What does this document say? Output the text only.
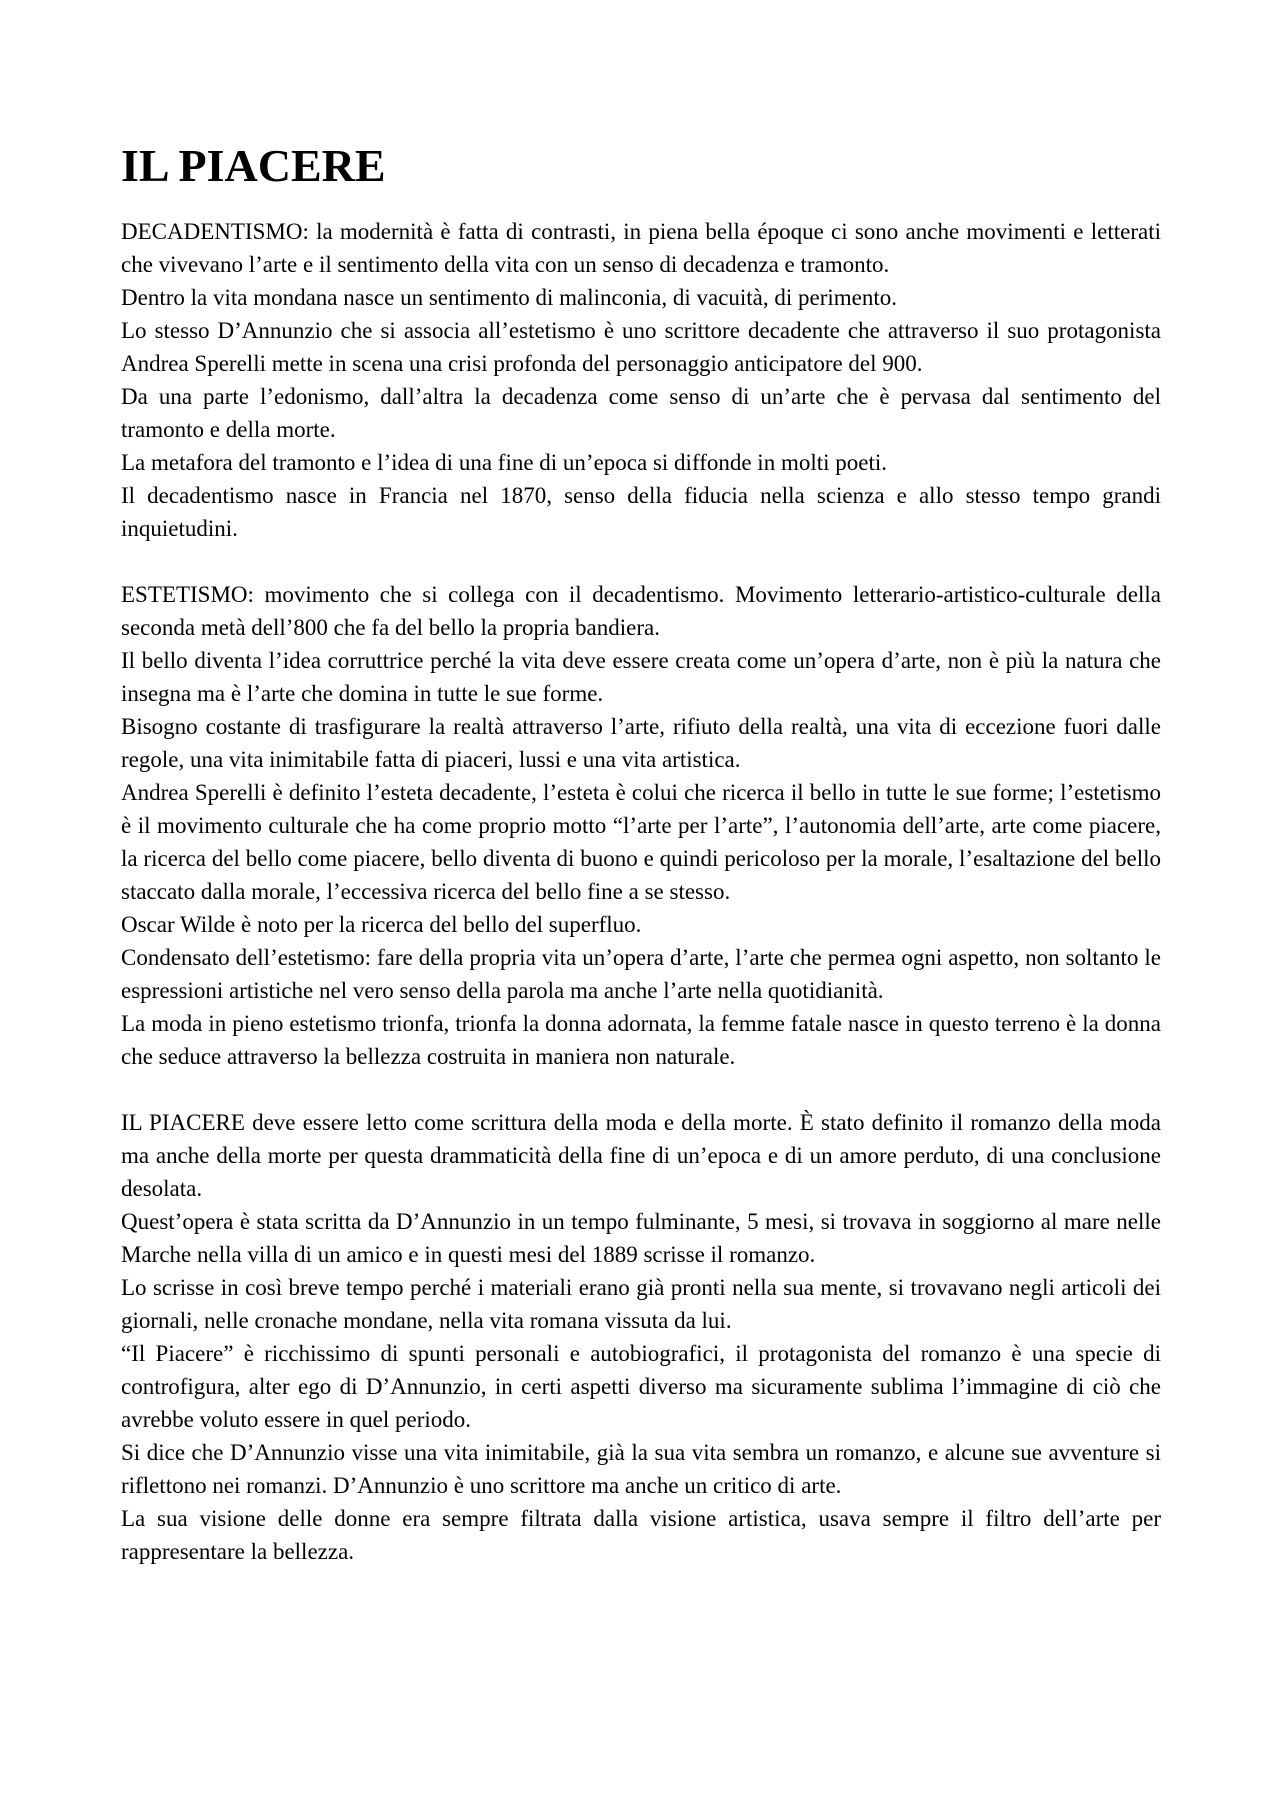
IL PIACERE

DECADENTISMO: la modernità è fatta di contrasti, in piena bella époque ci sono anche movimenti e letterati che vivevano l’arte e il sentimento della vita con un senso di decadenza e tramonto.

Dentro la vita mondana nasce un sentimento di malinconia, di vacuità, di perimento.

Lo stesso D’Annunzio che si associa all’estetismo è uno scrittore decadente che attraverso il suo protagonista Andrea Sperelli mette in scena una crisi profonda del personaggio anticipatore del 900.

Da una parte l’edonismo, dall’altra la decadenza come senso di un’arte che è pervasa dal sentimento del tramonto e della morte.

La metafora del tramonto e l’idea di una fine di un’epoca si diffonde in molti poeti.

Il decadentismo nasce in Francia nel 1870, senso della fiducia nella scienza e allo stesso tempo grandi inquietudini.

ESTETISMO: movimento che si collega con il decadentismo. Movimento letterario-artistico-culturale della seconda metà dell’800 che fa del bello la propria bandiera.

Il bello diventa l’idea corruttrice perché la vita deve essere creata come un’opera d’arte, non è più la natura che insegna ma è l’arte che domina in tutte le sue forme.

Bisogno costante di trasfigurare la realtà attraverso l’arte, rifiuto della realtà, una vita di eccezione fuori dalle regole, una vita inimitabile fatta di piaceri, lussi e una vita artistica.

Andrea Sperelli è definito l’esteta decadente, l’esteta è colui che ricerca il bello in tutte le sue forme; l’estetismo è il movimento culturale che ha come proprio motto “l’arte per l’arte”, l’autonomia dell’arte, arte come piacere, la ricerca del bello come piacere, bello diventa di buono e quindi pericoloso per la morale, l’esaltazione del bello staccato dalla morale, l’eccessiva ricerca del bello fine a se stesso.

Oscar Wilde è noto per la ricerca del bello del superfluo.

Condensato dell’estetismo: fare della propria vita un’opera d’arte, l’arte che permea ogni aspetto, non soltanto le espressioni artistiche nel vero senso della parola ma anche l’arte nella quotidianità.

La moda in pieno estetismo trionfa, trionfa la donna adornata, la femme fatale nasce in questo terreno è la donna che seduce attraverso la bellezza costruita in maniera non naturale.

IL PIACERE deve essere letto come scrittura della moda e della morte. È stato definito il romanzo della moda ma anche della morte per questa drammaticità della fine di un’epoca e di un amore perduto, di una conclusione desolata.

Quest’opera è stata scritta da D’Annunzio in un tempo fulminante, 5 mesi, si trovava in soggiorno al mare nelle Marche nella villa di un amico e in questi mesi del 1889 scrisse il romanzo.

Lo scrisse in così breve tempo perché i materiali erano già pronti nella sua mente, si trovavano negli articoli dei giornali, nelle cronache mondane, nella vita romana vissuta da lui.

“Il Piacere” è ricchissimo di spunti personali e autobiografici, il protagonista del romanzo è una specie di controfigura, alter ego di D’Annunzio, in certi aspetti diverso ma sicuramente sublima l’immagine di ciò che avrebbe voluto essere in quel periodo.

Si dice che D’Annunzio visse una vita inimitabile, già la sua vita sembra un romanzo, e alcune sue avventure si riflettono nei romanzi. D’Annunzio è uno scrittore ma anche un critico di arte.

La sua visione delle donne era sempre filtrata dalla visione artistica, usava sempre il filtro dell’arte per rappresentare la bellezza.
